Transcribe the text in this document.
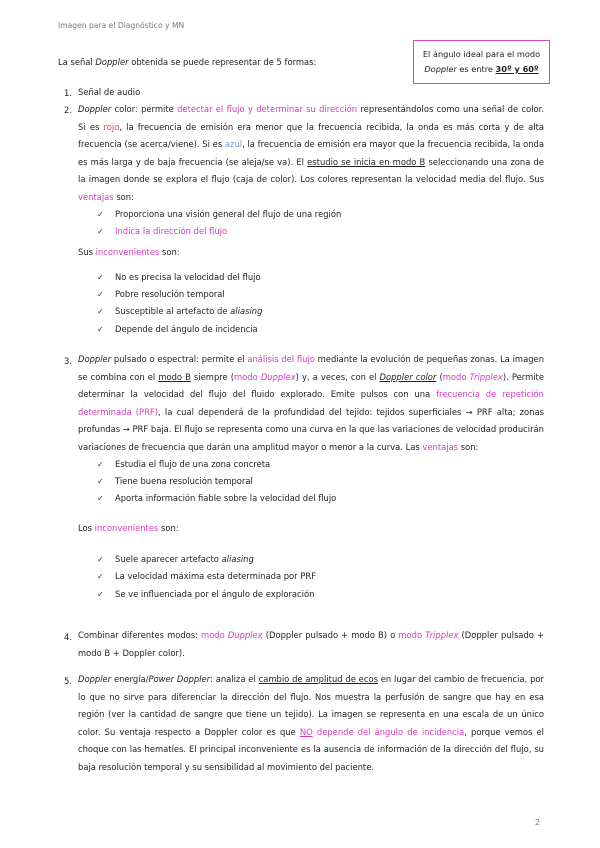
Imagen para el Diagnóstico y MN
El ángulo ideal para el modo
Doppler es entre 30º y 60º
La señal Doppler obtenida se puede representar de 5 formas:
1. Señal de audio
2. Doppler color: permite detectar el flujo y determinar su dirección representándolos como una señal de color. Si es rojo, la frecuencia de emisión era menor que la frecuencia recibida, la onda es más corta y de alta frecuencia (se acerca/viene). Si es azul, la frecuencia de emisión era mayor que la frecuencia recibida, la onda es más larga y de baja frecuencia (se aleja/se va). El estudio se inicia en modo B seleccionando una zona de la imagen donde se explora el flujo (caja de color). Los colores representan la velocidad media del flujo. Sus ventajas son:
✓ Proporciona una visión general del flujo de una región
✓ Indica la dirección del flujo
Sus inconvenientes son:
✓ No es precisa la velocidad del flujo
✓ Pobre resolución temporal
✓ Susceptible al artefacto de aliasing
✓ Depende del ángulo de incidencia
3. Doppler pulsado o espectral: permite el análisis del flujo mediante la evolución de pequeñas zonas. La imagen se combina con el modo B siempre (modo Dupplex) y, a veces, con el Doppler color (modo Tripplex). Permite determinar la velocidad del flujo del fluido explorado. Emite pulsos con una frecuencia de repetición determinada (PRF), la cual dependerá de la profundidad del tejido: tejidos superficiales → PRF alta; zonas profundas → PRF baja. El flujo se representa como una curva en la que las variaciones de velocidad producirán variaciones de frecuencia que darán una amplitud mayor o menor a la curva. Las ventajas son:
✓ Estudia el flujo de una zona concreta
✓ Tiene buena resolución temporal
✓ Aporta información fiable sobre la velocidad del flujo
Los inconvenientes son:
✓ Suele aparecer artefacto aliasing
✓ La velocidad máxima esta determinada por PRF
✓ Se ve influenciada por el ángulo de exploración
4. Combinar diferentes modos: modo Dupplex (Doppler pulsado + modo B) o modo Tripplex (Doppler pulsado + modo B + Doppler color).
5. Doppler energía/Power Doppler: analiza el cambio de amplitud de ecos en lugar del cambio de frecuencia, por lo que no sirve para diferenciar la dirección del flujo. Nos muestra la perfusión de sangre que hay en esa región (ver la cantidad de sangre que tiene un tejido). La imagen se representa en una escala de un único color. Su ventaja respecto a Doppler color es que NO depende del ángulo de incidencia, porque vemos el choque con las hematíes. El principal inconveniente es la ausencia de información de la dirección del flujo, su baja resolución temporal y su sensibilidad al movimiento del paciente.
2
